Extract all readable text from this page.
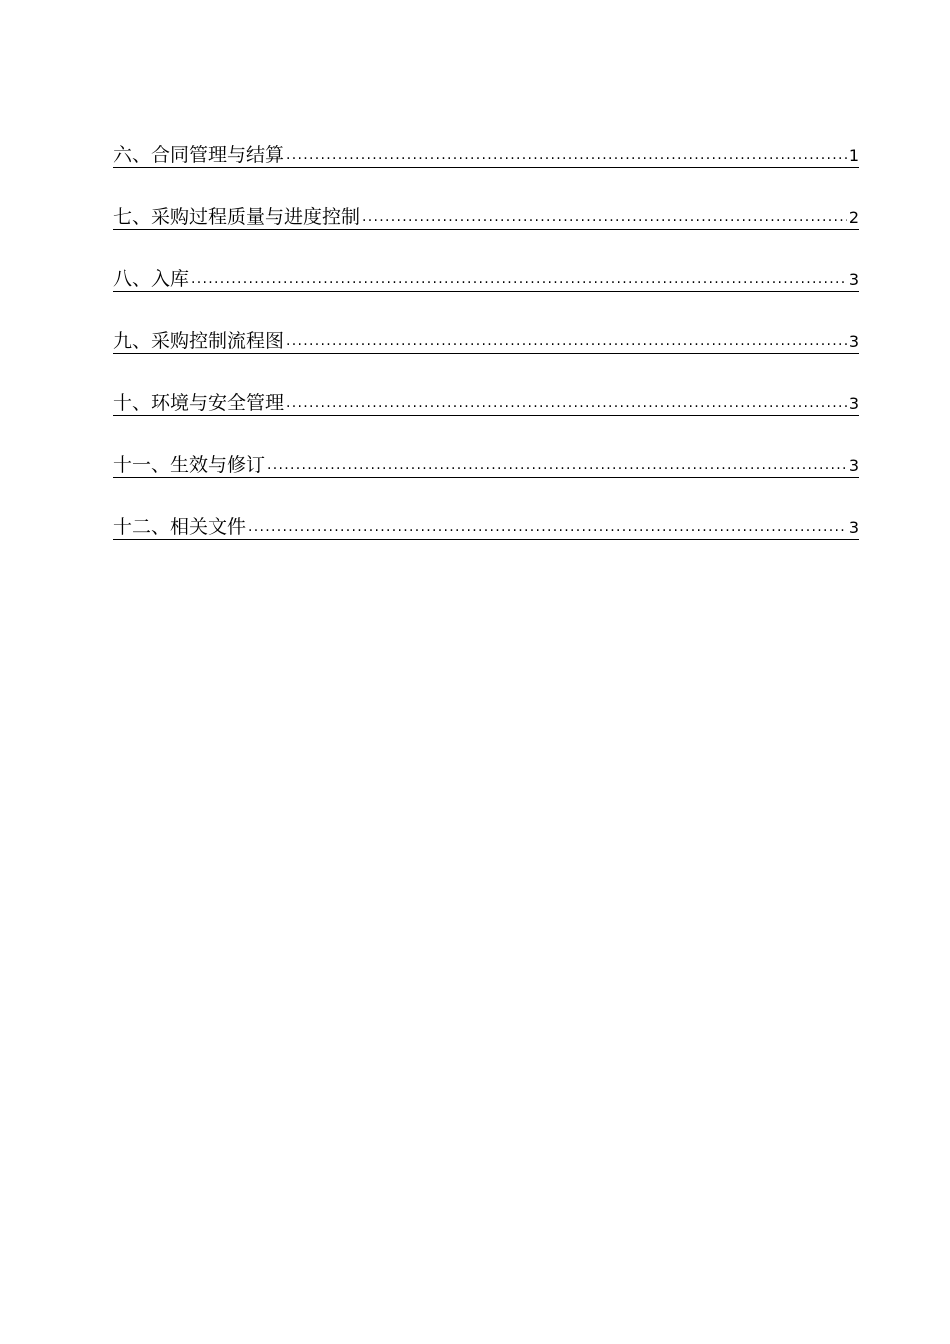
六、合同管理与结算 .....	1
七、采购过程质量与进度控制 .....	2
八、入库 .....	3
九、采购控制流程图 .....	3
十、环境与安全管理 .....	3
十一、生效与修订 .....	3
十二、相关文件 .....	3
